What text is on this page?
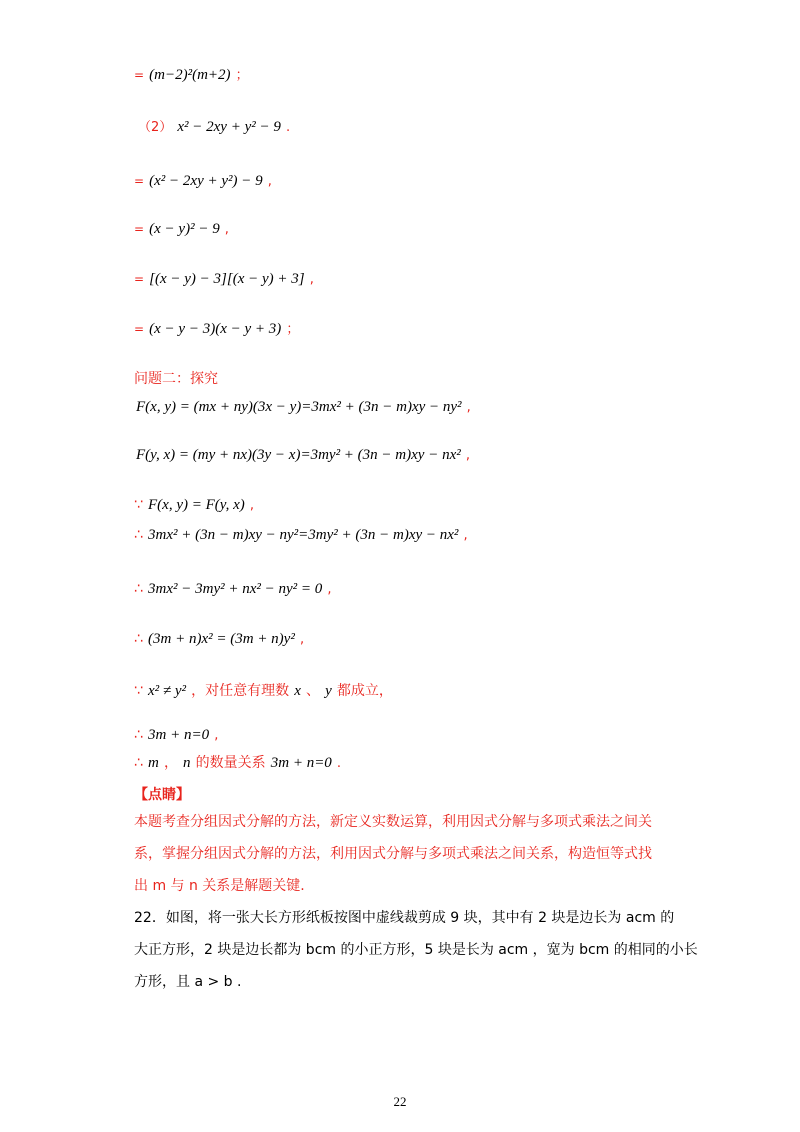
= (m−2)²(m+2) ；
（2） x² − 2xy + y² − 9 .
= (x² − 2xy + y²) − 9 ,
= (x − y)² − 9 ,
= [(x − y) − 3][(x − y) + 3] ,
= (x − y − 3)(x − y + 3) ；
问题二：探究
F(x, y) = (mx + ny)(3x − y)=3mx² + (3n − m)xy − ny² ,
F(y, x) = (my + nx)(3y − x)=3my² + (3n − m)xy − nx² ,
∵ F(x, y) = F(y, x) ,
∴ 3mx² + (3n − m)xy − ny²=3my² + (3n − m)xy − nx² ,
∴ 3mx² − 3my² + nx² − ny² = 0 ,
∴ (3m + n)x² = (3m + n)y² ,
∵ x² ≠ y² ，对任意有理数 x 、 y 都成立，
∴ 3m + n=0 ,
∴ m ， n 的数量关系 3m + n=0 .
【点睛】
本题考查分组因式分解的方法，新定义实数运算，利用因式分解与多项式乘法之间关
系，掌握分组因式分解的方法，利用因式分解与多项式乘法之间关系，构造恒等式找
出 m 与 n 关系是解题关键.
22．如图，将一张大长方形纸板按图中虚线裁剪成 9 块，其中有 2 块是边长为 acm 的
大正方形，2 块是边长都为 bcm 的小正方形，5 块是长为 acm ，宽为 bcm 的相同的小长
方形，且 a > b .
22
